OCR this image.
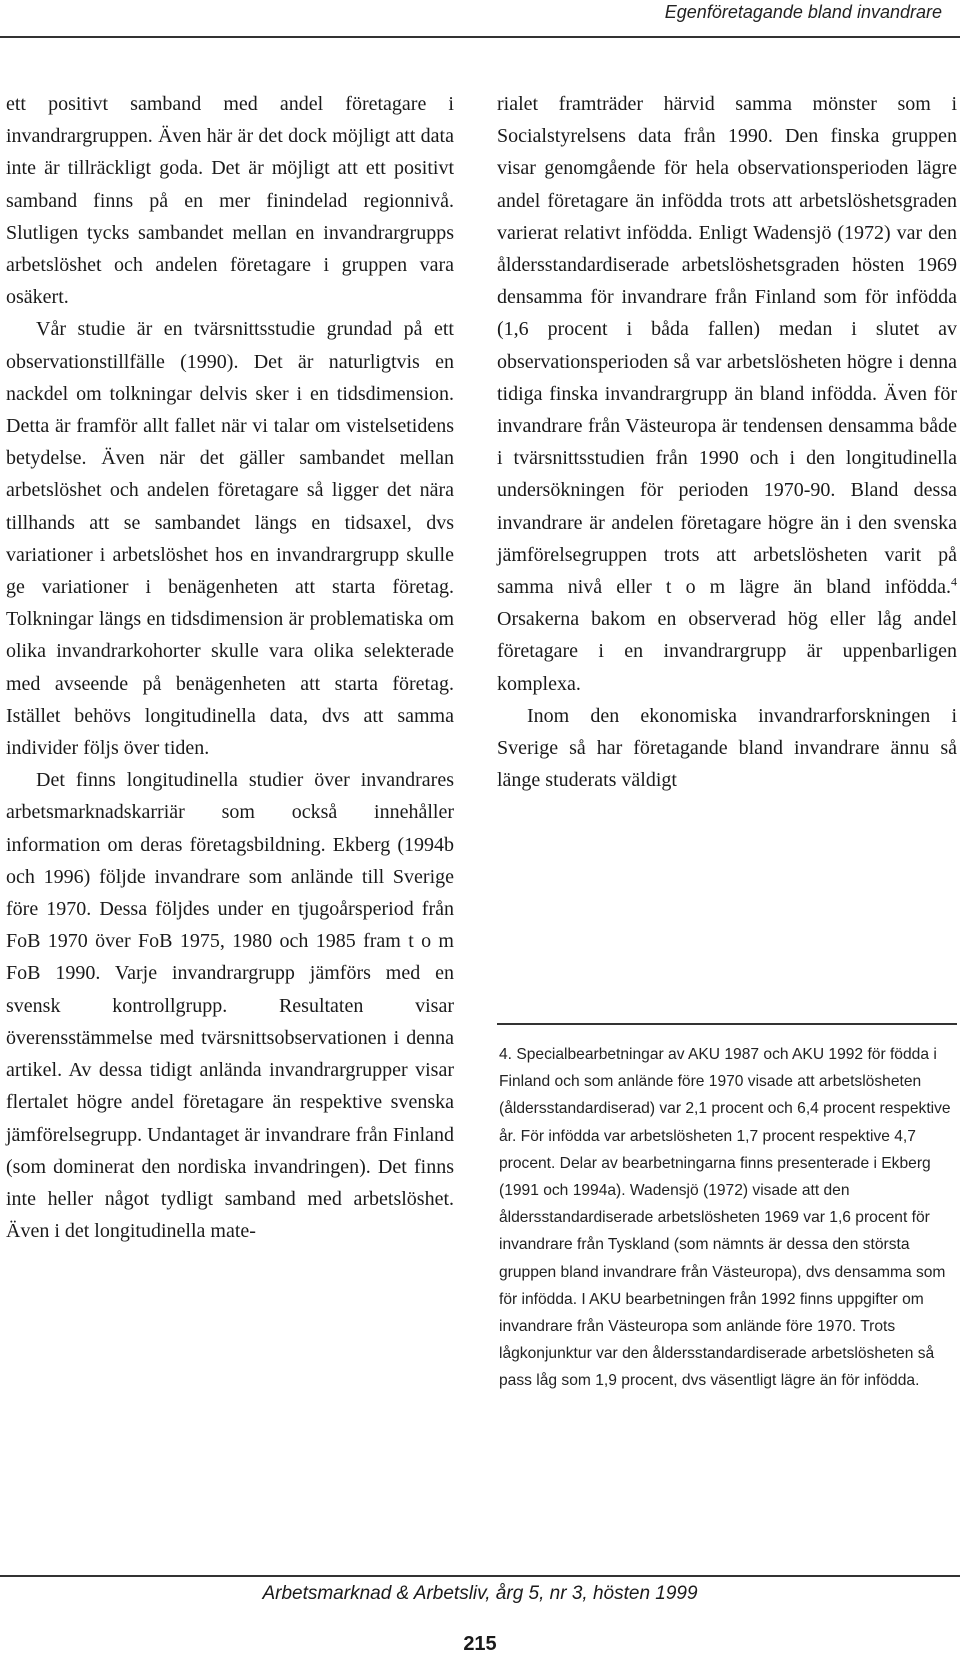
Egenföretagande bland invandrare

ett positivt samband med andel företagare i invandrargruppen. Även här är det dock möjligt att data inte är tillräckligt goda. Det är möjligt att ett positivt samband finns på en mer finindelad regionnivå. Slutligen tycks sambandet mellan en invandrargrupps arbetslöshet och andelen företagare i gruppen vara osäkert.

Vår studie är en tvärsnittsstudie grundad på ett observationstillfälle (1990). Det är naturligtvis en nackdel om tolkningar delvis sker i en tidsdimension. Detta är framför allt fallet när vi talar om vistelsetidens betydelse. Även när det gäller sambandet mellan arbetslöshet och andelen företagare så ligger det nära tillhands att se sambandet längs en tidsaxel, dvs variationer i arbetslöshet hos en invandrargrupp skulle ge variationer i benägenheten att starta företag. Tolkningar längs en tidsdimension är problematiska om olika invandrarkohorter skulle vara olika selekterade med avseende på benägenheten att starta företag. Istället behövs longitudinella data, dvs att samma individer följs över tiden.

Det finns longitudinella studier över invandrares arbetsmarknadskarriär som också innehåller information om deras företagsbildning. Ekberg (1994b och 1996) följde invandrare som anlände till Sverige före 1970. Dessa följdes under en tjugoårsperiod från FoB 1970 över FoB 1975, 1980 och 1985 fram t o m FoB 1990. Varje invandrargrupp jämförs med en svensk kontrollgrupp. Resultaten visar överensstämmelse med tvärsnittsobservationen i denna artikel. Av dessa tidigt anlända invandrargrupper visar flertalet högre andel företagare än respektive svenska jämförelsegrupp. Undantaget är invandrare från Finland (som dominerat den nordiska invandringen). Det finns inte heller något tydligt samband med arbetslöshet. Även i det longitudinella mate-

rialet framträder härvid samma mönster som i Socialstyrelsens data från 1990. Den finska gruppen visar genomgående för hela observationsperioden lägre andel företagare än infödda trots att arbetslöshetsgraden varierat relativt infödda. Enligt Wadensjö (1972) var den åldersstandardiserade arbetslöshetsgraden hösten 1969 densamma för invandrare från Finland som för infödda (1,6 procent i båda fallen) medan i slutet av observationsperioden så var arbetslösheten högre i denna tidiga finska invandrargrupp än bland infödda. Även för invandrare från Västeuropa är tendensen densamma både i tvärsnittsstudien från 1990 och i den longitudinella undersökningen för perioden 1970-90. Bland dessa invandrare är andelen företagare högre än i den svenska jämförelsegruppen trots att arbetslösheten varit på samma nivå eller t o m lägre än bland infödda.$^4$ Orsakerna bakom en observerad hög eller låg andel företagare i en invandrargrupp är uppenbarligen komplexa.

Inom den ekonomiska invandrarforskningen i Sverige så har företagande bland invandrare ännu så länge studerats väldigt

4. Specialbearbetningar av AKU 1987 och AKU 1992 för födda i Finland och som anlände före 1970 visade att arbetslösheten (åldersstandardiserad) var 2,1 procent och 6,4 procent respektive år. För infödda var arbetslösheten 1,7 procent respektive 4,7 procent. Delar av bearbetningarna finns presenterade i Ekberg (1991 och 1994a). Wadensjö (1972) visade att den åldersstandardiserade arbetslösheten 1969 var 1,6 procent för invandrare från Tyskland (som nämnts är dessa den största gruppen bland invandrare från Västeuropa), dvs densamma som för infödda. I AKU bearbetningen från 1992 finns uppgifter om invandrare från Västeuropa som anlände före 1970. Trots lågkonjunktur var den åldersstandardiserade arbetslösheten så pass låg som 1,9 procent, dvs väsentligt lägre än för infödda.

Arbetsmarknad & Arbetsliv, årg 5, nr 3, hösten 1999
215
